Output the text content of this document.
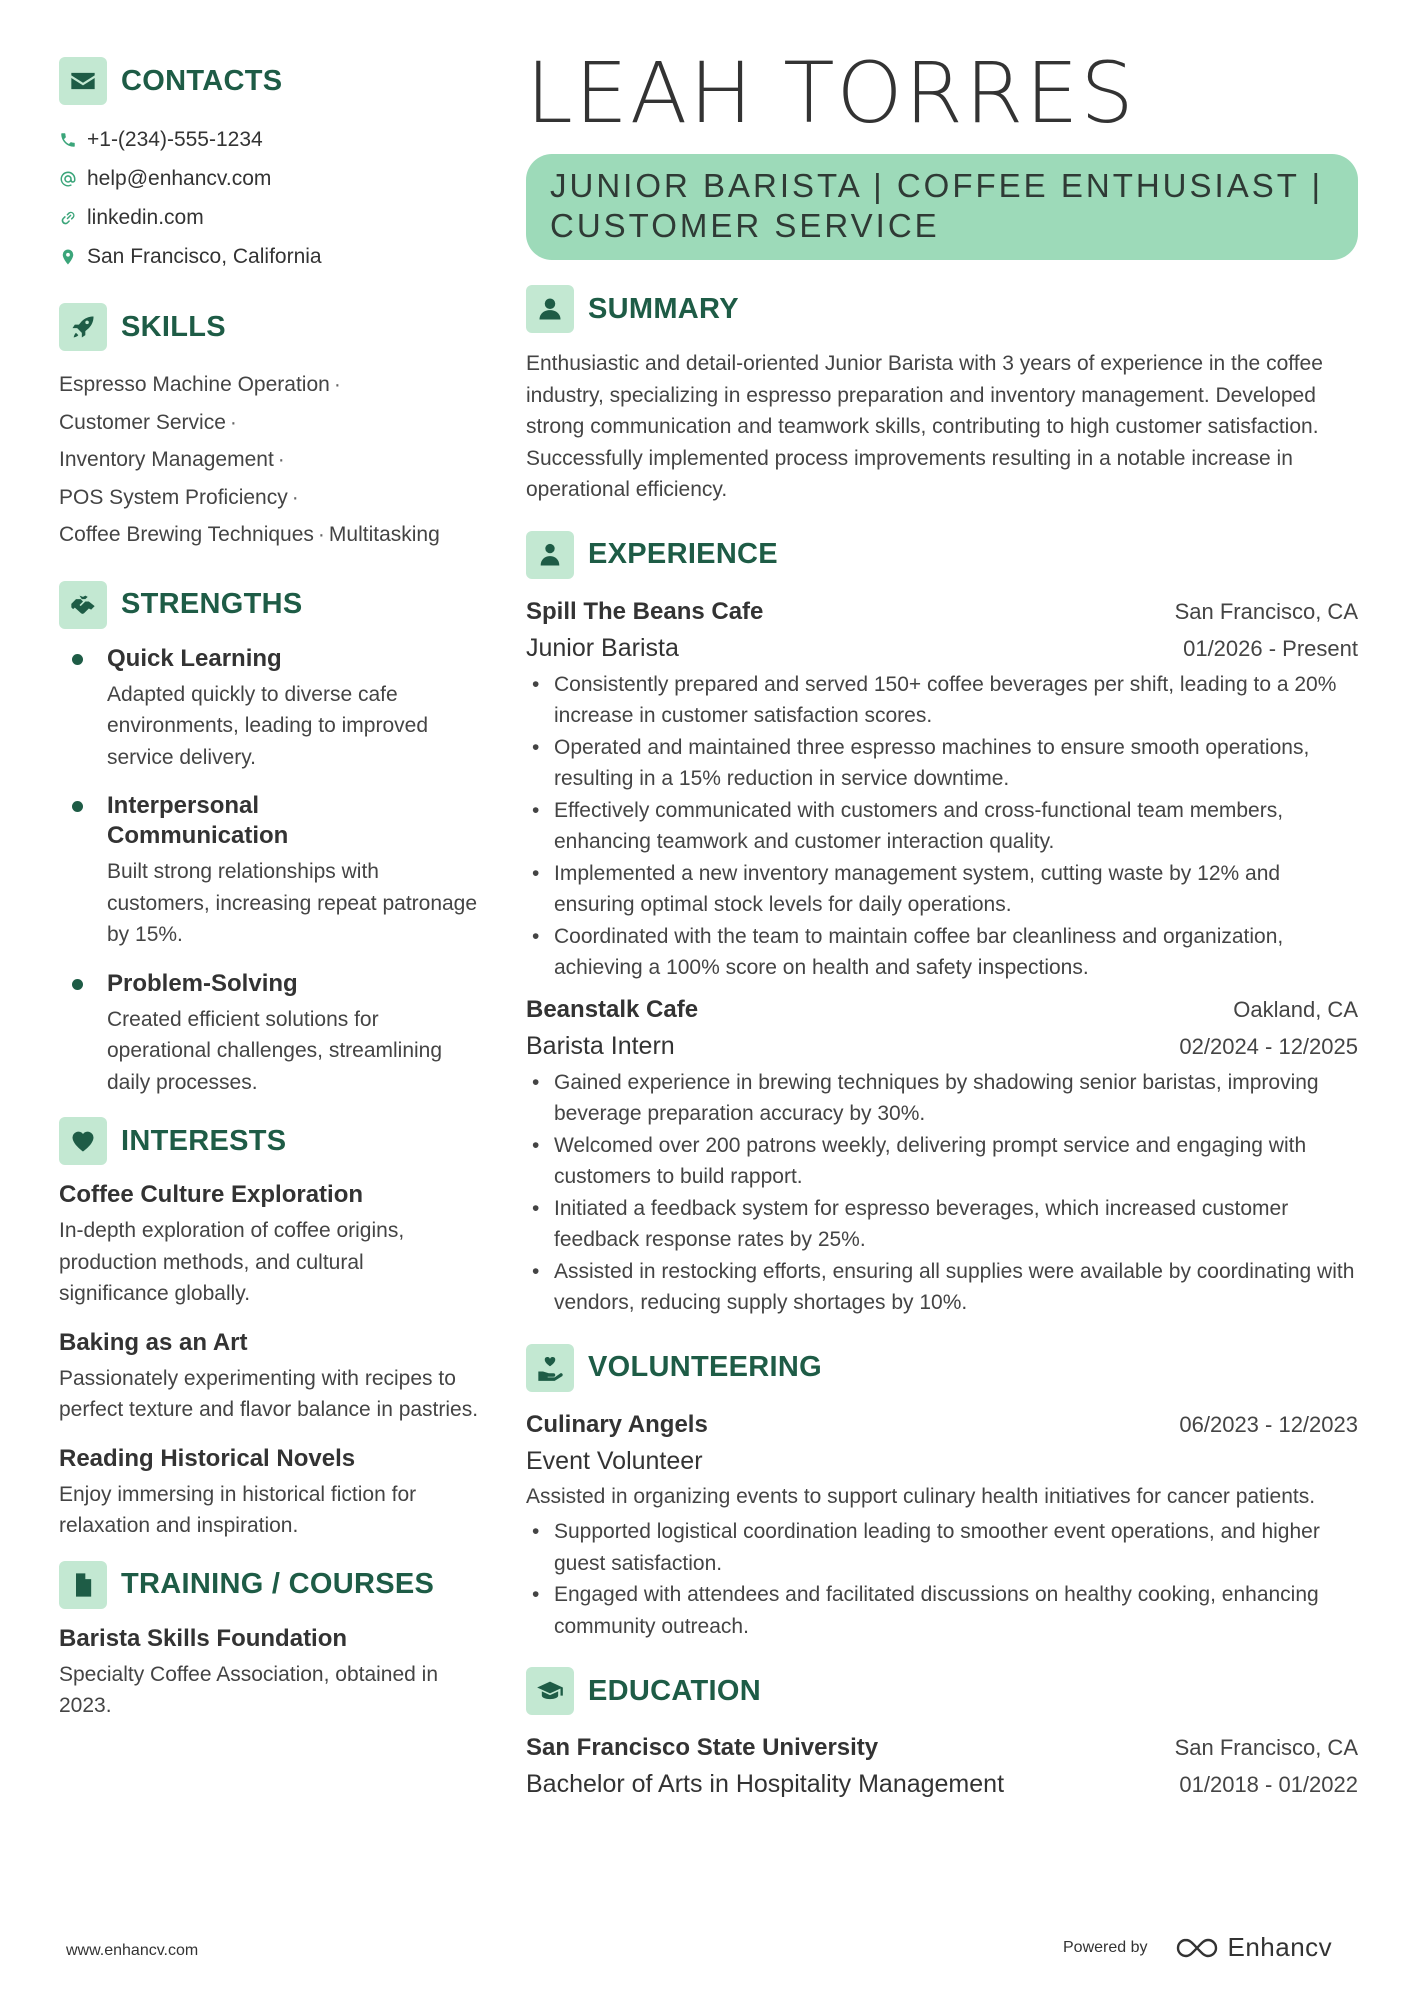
CONTACTS
+1-(234)-555-1234
help@enhancv.com
linkedin.com
San Francisco, California
SKILLS
Espresso Machine Operation ·
Customer Service ·
Inventory Management ·
POS System Proficiency ·
Coffee Brewing Techniques · Multitasking
STRENGTHS
Quick Learning
Adapted quickly to diverse cafe environments, leading to improved service delivery.
Interpersonal Communication
Built strong relationships with customers, increasing repeat patronage by 15%.
Problem-Solving
Created efficient solutions for operational challenges, streamlining daily processes.
INTERESTS
Coffee Culture Exploration
In-depth exploration of coffee origins, production methods, and cultural significance globally.
Baking as an Art
Passionately experimenting with recipes to perfect texture and flavor balance in pastries.
Reading Historical Novels
Enjoy immersing in historical fiction for relaxation and inspiration.
TRAINING / COURSES
Barista Skills Foundation
Specialty Coffee Association, obtained in 2023.
LEAH TORRES
JUNIOR BARISTA | COFFEE ENTHUSIAST | CUSTOMER SERVICE
SUMMARY
Enthusiastic and detail-oriented Junior Barista with 3 years of experience in the coffee industry, specializing in espresso preparation and inventory management. Developed strong communication and teamwork skills, contributing to high customer satisfaction. Successfully implemented process improvements resulting in a notable increase in operational efficiency.
EXPERIENCE
Spill The Beans Cafe	San Francisco, CA
Junior Barista	01/2026 - Present
• Consistently prepared and served 150+ coffee beverages per shift, leading to a 20% increase in customer satisfaction scores.
• Operated and maintained three espresso machines to ensure smooth operations, resulting in a 15% reduction in service downtime.
• Effectively communicated with customers and cross-functional team members, enhancing teamwork and customer interaction quality.
• Implemented a new inventory management system, cutting waste by 12% and ensuring optimal stock levels for daily operations.
• Coordinated with the team to maintain coffee bar cleanliness and organization, achieving a 100% score on health and safety inspections.
Beanstalk Cafe	Oakland, CA
Barista Intern	02/2024 - 12/2025
• Gained experience in brewing techniques by shadowing senior baristas, improving beverage preparation accuracy by 30%.
• Welcomed over 200 patrons weekly, delivering prompt service and engaging with customers to build rapport.
• Initiated a feedback system for espresso beverages, which increased customer feedback response rates by 25%.
• Assisted in restocking efforts, ensuring all supplies were available by coordinating with vendors, reducing supply shortages by 10%.
VOLUNTEERING
Culinary Angels	06/2023 - 12/2023
Event Volunteer
Assisted in organizing events to support culinary health initiatives for cancer patients.
• Supported logistical coordination leading to smoother event operations, and higher guest satisfaction.
• Engaged with attendees and facilitated discussions on healthy cooking, enhancing community outreach.
EDUCATION
San Francisco State University	San Francisco, CA
Bachelor of Arts in Hospitality Management	01/2018 - 01/2022
www.enhancv.com	Powered by	Enhancv
